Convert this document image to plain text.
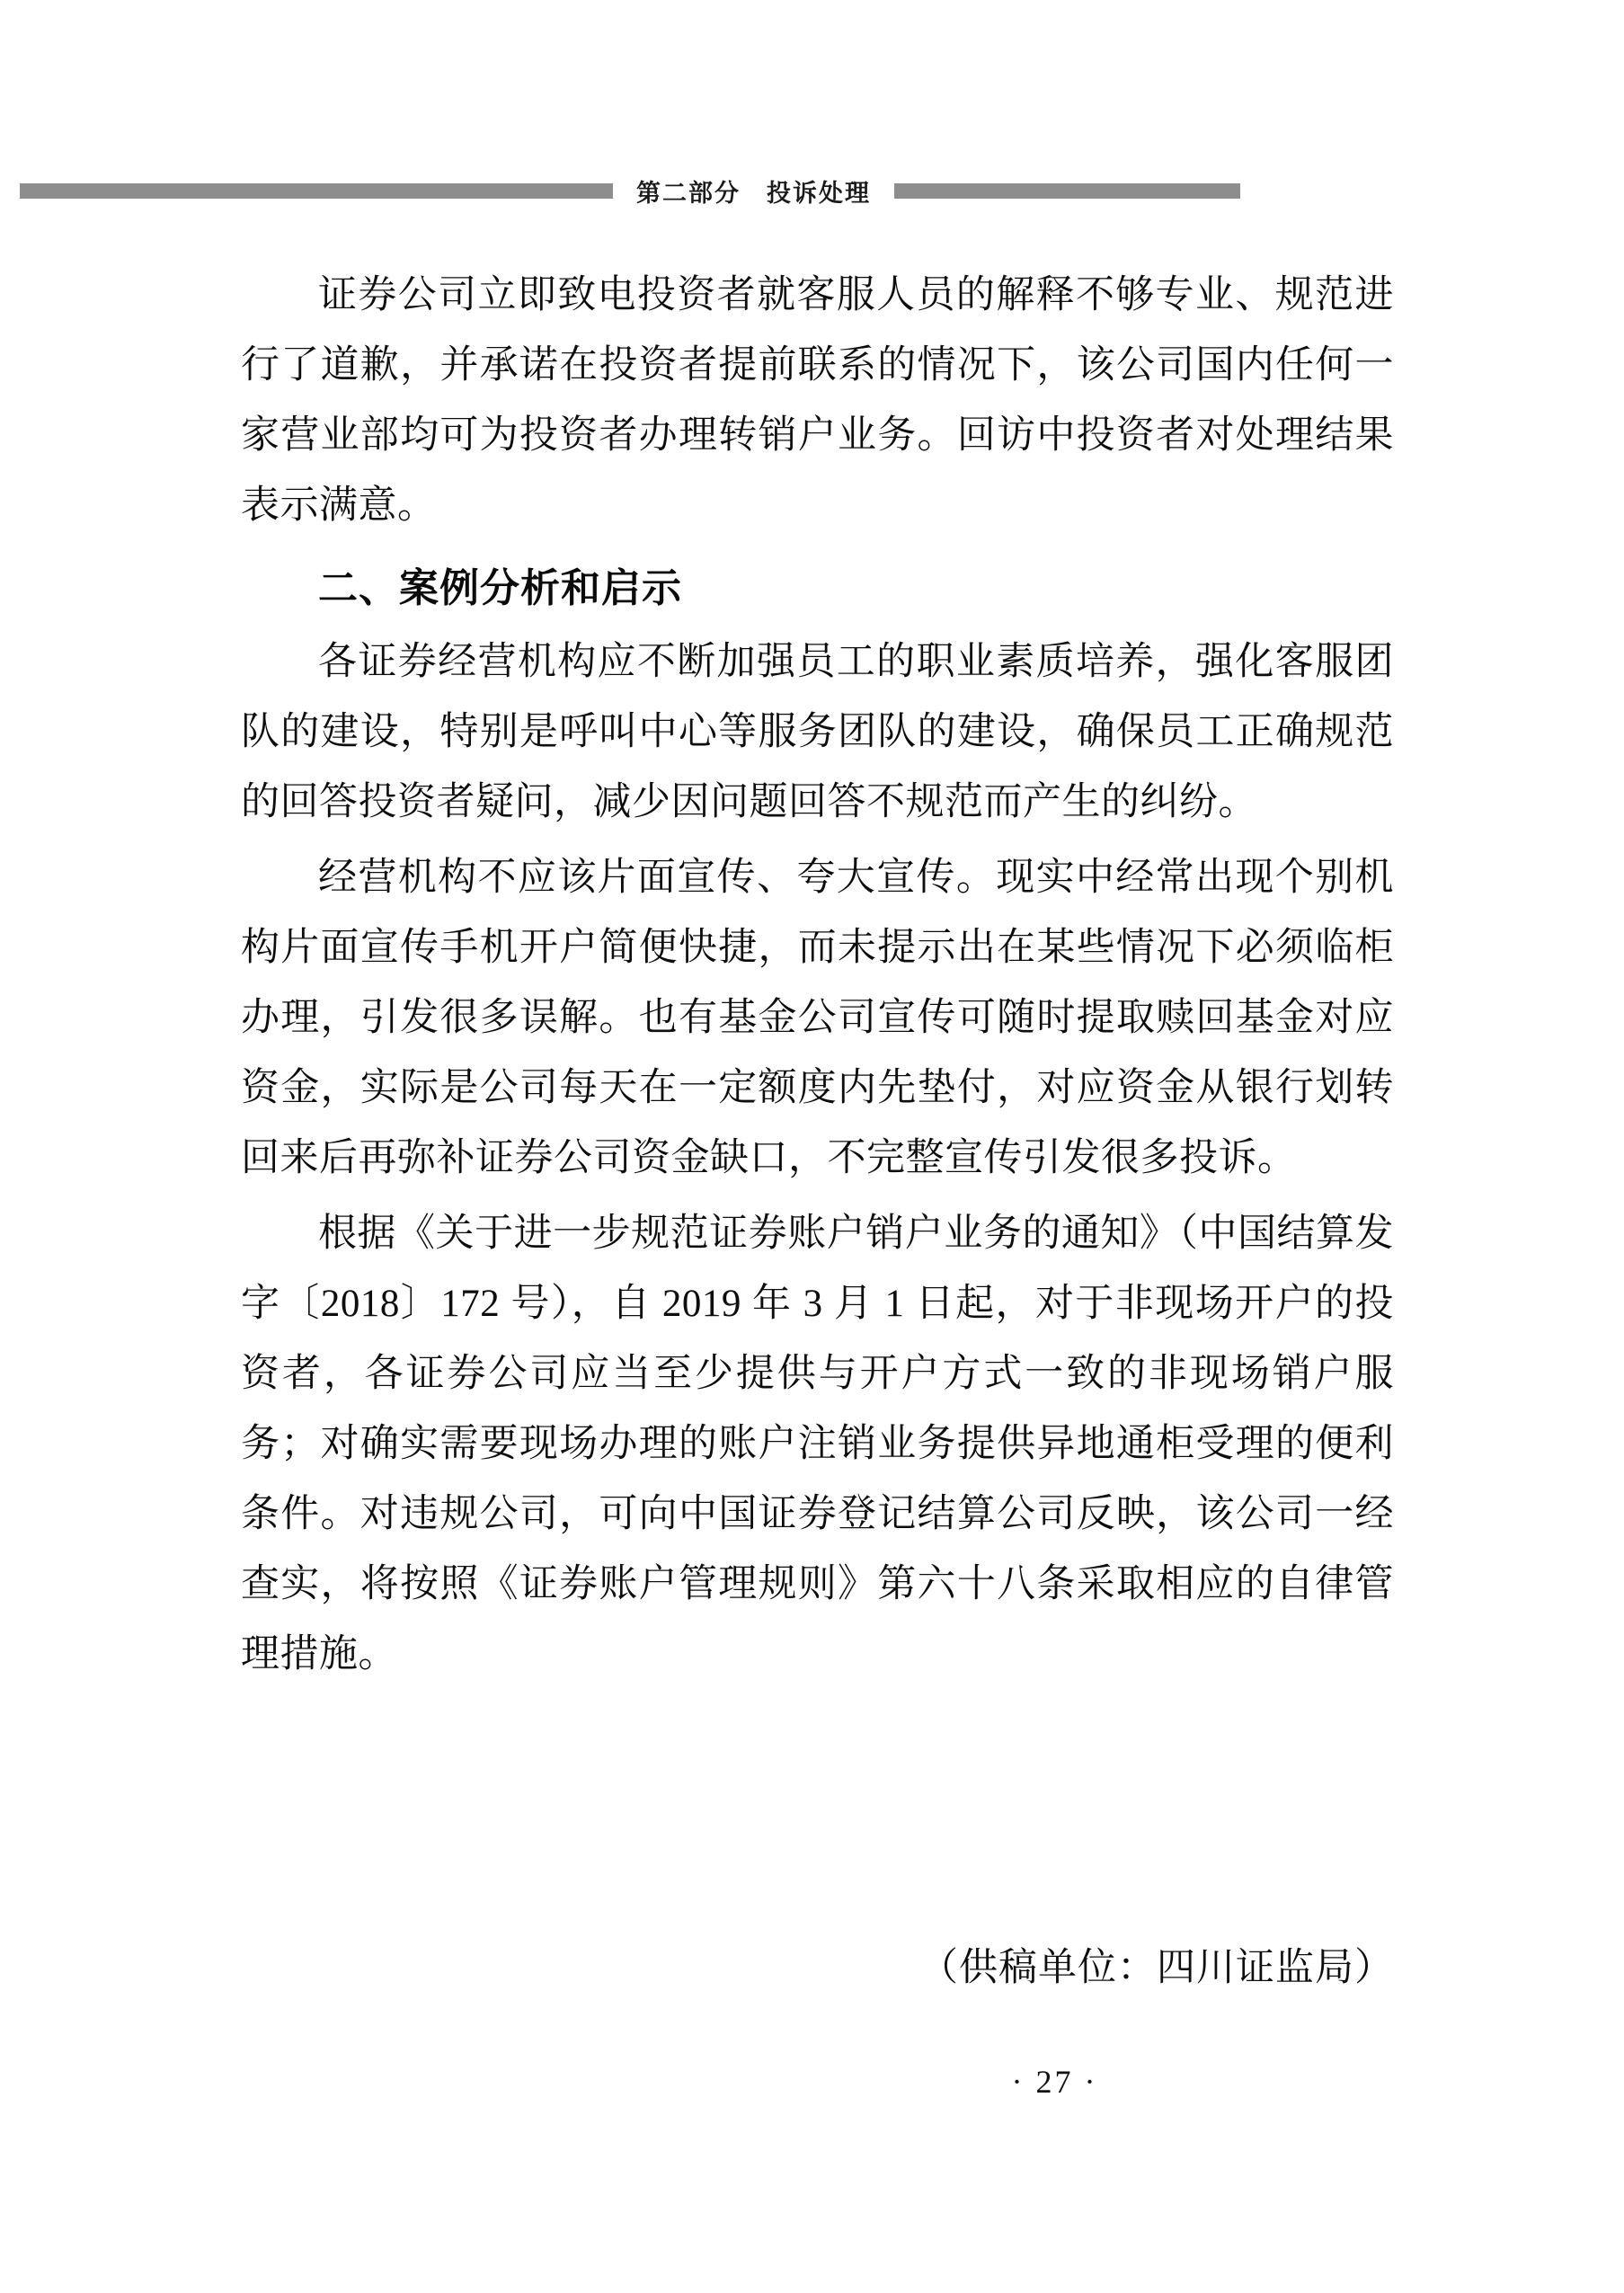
第二部分　投诉处理

证券公司立即致电投资者就客服人员的解释不够专业、规范进行了道歉，并承诺在投资者提前联系的情况下，该公司国内任何一家营业部均可为投资者办理转销户业务。回访中投资者对处理结果表示满意。

二、案例分析和启示

各证券经营机构应不断加强员工的职业素质培养，强化客服团队的建设，特别是呼叫中心等服务团队的建设，确保员工正确规范的回答投资者疑问，减少因问题回答不规范而产生的纠纷。

经营机构不应该片面宣传、夸大宣传。现实中经常出现个别机构片面宣传手机开户简便快捷，而未提示出在某些情况下必须临柜办理，引发很多误解。也有基金公司宣传可随时提取赎回基金对应资金，实际是公司每天在一定额度内先垫付，对应资金从银行划转回来后再弥补证券公司资金缺口，不完整宣传引发很多投诉。

根据《关于进一步规范证券账户销户业务的通知》（中国结算发字〔2018〕172 号），自 2019 年 3 月 1 日起，对于非现场开户的投资者，各证券公司应当至少提供与开户方式一致的非现场销户服务；对确实需要现场办理的账户注销业务提供异地通柜受理的便利条件。对违规公司，可向中国证券登记结算公司反映，该公司一经查实，将按照《证券账户管理规则》第六十八条采取相应的自律管理措施。

（供稿单位：四川证监局）
· 27 ·
